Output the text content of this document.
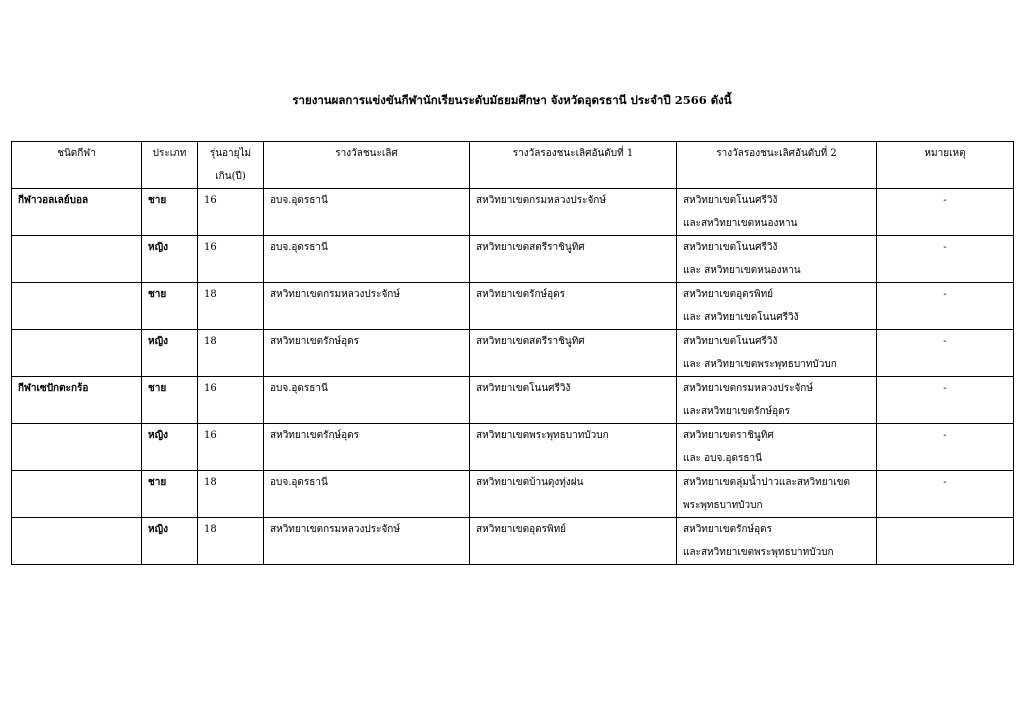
รายงานผลการแข่งขันกีฬานักเรียนระดับมัธยมศึกษา จังหวัดอุดรธานี ประจำปี 2566 ดังนี้
ชนิดกีฬา	ประเภท	รุ่นอายุไม่
เกิน(ปี)	รางวัลชนะเลิศ	รางวัลรองชนะเลิศอันดับที่ 1	รางวัลรองชนะเลิศอันดับที่ 2	หมายเหตุ
กีฬาวอลเลย์บอล	ชาย	16	อบจ.อุดรธานี	สหวิทยาเขตกรมหลวงประจักษ์	สหวิทยาเขตโนนศรีวิงั
และสหวิทยาเขตหนองหาน	-
	หญิง	16	อบจ.อุดรธานี	สหวิทยาเขตสตรีราชินูทิศ	สหวิทยาเขตโนนศรีวิงั
และ สหวิทยาเขตหนองหาน	-
	ชาย	18	สหวิทยาเขตกรมหลวงประจักษ์	สหวิทยาเขตรักษ์อุดร	สหวิทยาเขตอุดรพิทย์
และ สหวิทยาเขตโนนศรีวิงั	-
	หญิง	18	สหวิทยาเขตรักษ์อุดร	สหวิทยาเขตสตรีราชินูทิศ	สหวิทยาเขตโนนศรีวิงั
และ สหวิทยาเขตพระพุทธบาทบัวบก	-
กีฬาเซปักตะกร้อ	ชาย	16	อบจ.อุดรธานี	สหวิทยาเขตโนนศรีวิงั	สหวิทยาเขตกรมหลวงประจักษ์
และสหวิทยาเขตรักษ์อุดร	-
	หญิง	16	สหวิทยาเขตรักษ์อุดร	สหวิทยาเขตพระพุทธบาทบัวบก	สหวิทยาเขตราชินูทิศ
และ อบจ.อุดรธานี	-
	ชาย	18	อบจ.อุดรธานี	สหวิทยาเขตบ้านดุงทุ่งฝน	สหวิทยาเขตลุ่มน้ำปาวและสหวิทยาเขต
พระพุทธบาทบัวบก	-
	หญิง	18	สหวิทยาเขตกรมหลวงประจักษ์	สหวิทยาเขตอุดรพิทย์	สหวิทยาเขตรักษ์อุดร
และสหวิทยาเขตพระพุทธบาทบัวบก	
